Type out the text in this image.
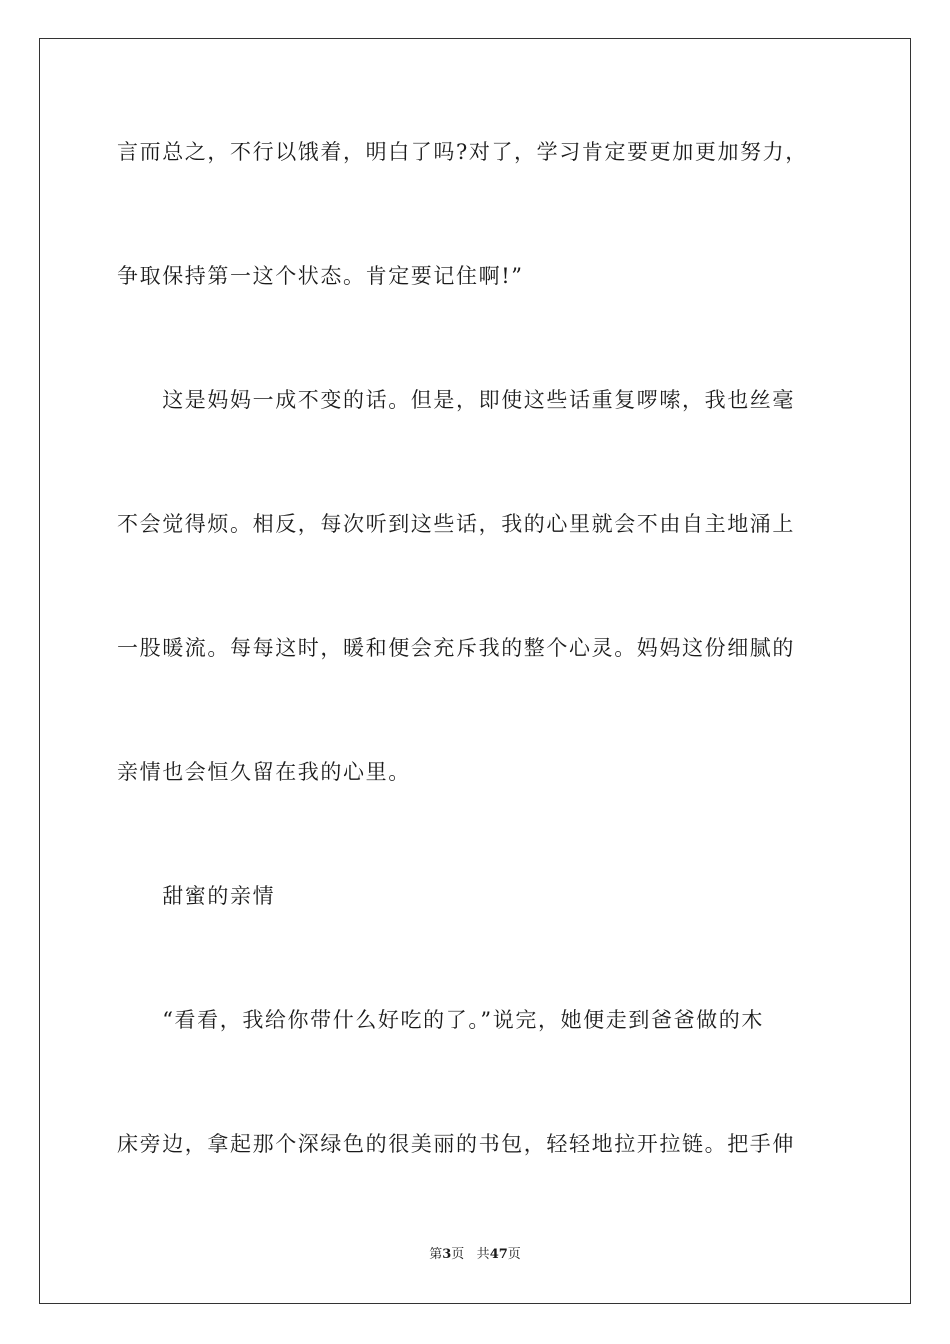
言而总之，不行以饿着，明白了吗?对了，学习肯定要更加更加努力，
争取保持第一这个状态。肯定要记住啊!”
　　这是妈妈一成不变的话。但是，即使这些话重复啰嗦，我也丝毫
不会觉得烦。相反，每次听到这些话，我的心里就会不由自主地涌上
一股暖流。每每这时，暖和便会充斥我的整个心灵。妈妈这份细腻的
亲情也会恒久留在我的心里。
　　甜蜜的亲情
　　“看看，我给你带什么好吃的了。”说完，她便走到爸爸做的木
床旁边，拿起那个深绿色的很美丽的书包，轻轻地拉开拉链。把手伸
第3页 共47页
